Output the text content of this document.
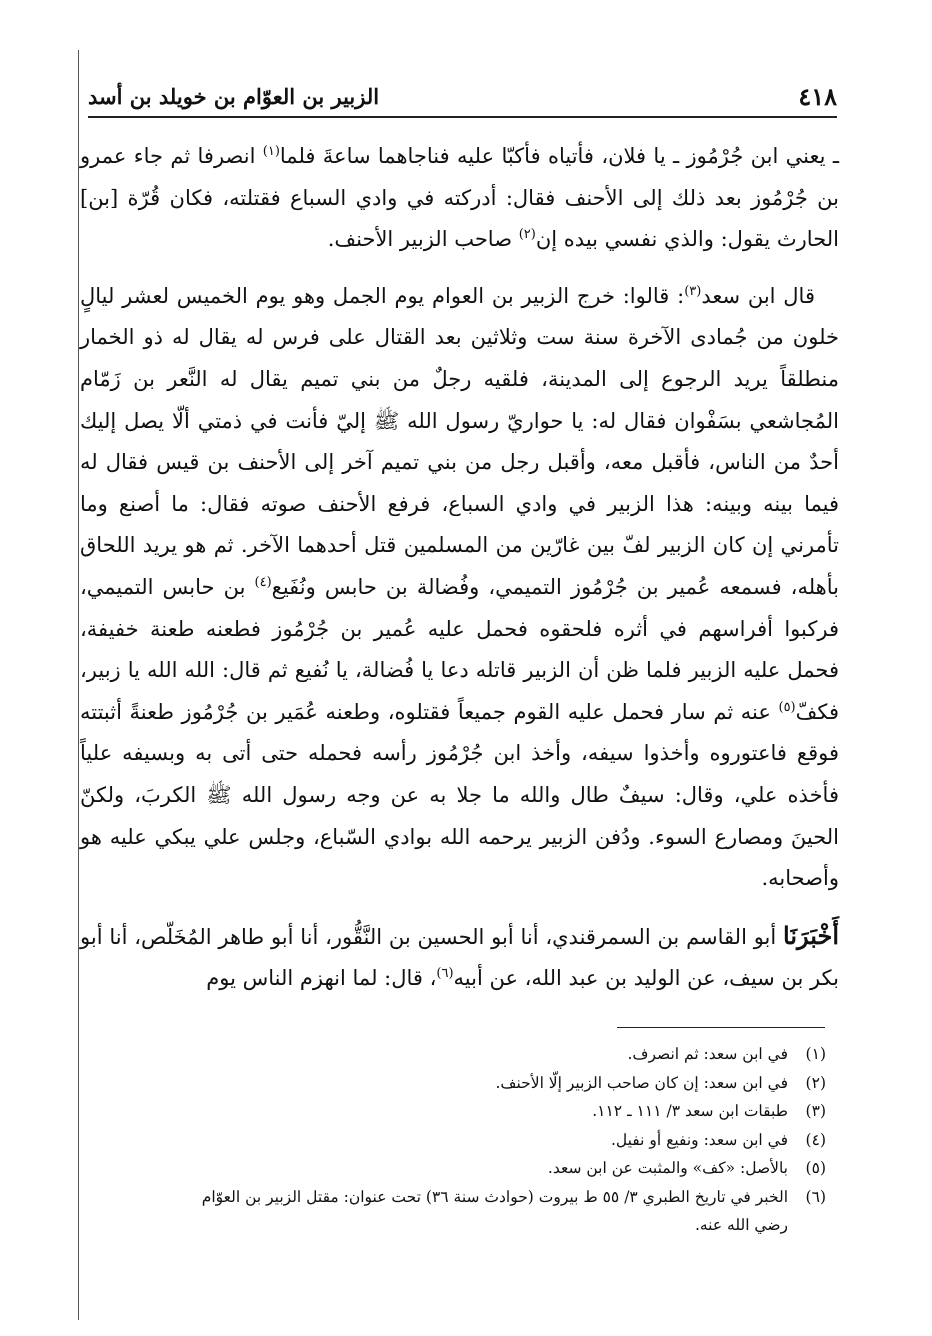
٤١٨
الزبير بن العوّام بن خويلد بن أسد

ـ يعني ابن جُرْمُوز ـ يا فلان، فأتياه فأكبّا عليه فناجاهما ساعةَ فلما$^{(١)}$ انصرفا ثم جاء عمرو بن جُرْمُوز بعد ذلك إلى الأحنف فقال: أدركته في وادي السباع فقتلته، فكان قُرّة [بن] الحارث يقول: والذي نفسي بيده إن$^{(٢)}$ صاحب الزبير الأحنف.

قال ابن سعد$^{(٣)}$: قالوا: خرج الزبير بن العوام يوم الجمل وهو يوم الخميس لعشر ليالٍ خلون من جُمادى الآخرة سنة ست وثلاثين بعد القتال على فرس له يقال له ذو الخمار منطلقاً يريد الرجوع إلى المدينة، فلقيه رجلٌ من بني تميم يقال له النَّعر بن زَمّام المُجاشعي بسَفْوان فقال له: يا حواريّ رسول الله ﷺ إليّ فأنت في ذمتي ألّا يصل إليك أحدٌ من الناس، فأقبل معه، وأقبل رجل من بني تميم آخر إلى الأحنف بن قيس فقال له فيما بينه وبينه: هذا الزبير في وادي السباع، فرفع الأحنف صوته فقال: ما أصنع وما تأمرني إن كان الزبير لفّ بين غارّين من المسلمين قتل أحدهما الآخر. ثم هو يريد اللحاق بأهله، فسمعه عُمير بن جُرْمُوز التميمي، وفُضالة بن حابس ونُفَيع$^{(٤)}$ بن حابس التميمي، فركبوا أفراسهم في أثره فلحقوه فحمل عليه عُمير بن جُرْمُوز فطعنه طعنة خفيفة، فحمل عليه الزبير فلما ظن أن الزبير قاتله دعا يا فُضالة، يا نُفيع ثم قال: الله الله يا زبير، فكفّ$^{(٥)}$ عنه ثم سار فحمل عليه القوم جميعاً فقتلوه، وطعنه عُمَير بن جُرْمُوز طعنةً أثبتته فوقع فاعتوروه وأخذوا سيفه، وأخذ ابن جُرْمُوز رأسه فحمله حتى أتى به وبسيفه علياً فأخذه علي، وقال: سيفٌ طال والله ما جلا به عن وجه رسول الله ﷺ الكربَ، ولكنّ الحينَ ومصارع السوء. ودُفن الزبير يرحمه الله بوادي السّباع، وجلس علي يبكي عليه هو وأصحابه.

أَخْبَرَنَا أبو القاسم بن السمرقندي، أنا أبو الحسين بن النَّقُّور، أنا أبو طاهر المُخَلّص، أنا أبو بكر بن سيف، عن الوليد بن عبد الله، عن أبيه$^{(٦)}$، قال: لما انهزم الناس يوم

(١)
في ابن سعد: ثم انصرف.
(٢)
في ابن سعد: إن كان صاحب الزبير إلّا الأحنف.
(٣)
طبقات ابن سعد ٣/ ١١١ ـ ١١٢.
(٤)
في ابن سعد: ونفيع أو نفيل.
(٥)
بالأصل: «كف» والمثبت عن ابن سعد.
(٦)
الخبر في تاريخ الطبري ٣/ ٥٥ ط بيروت (حوادث سنة ٣٦) تحت عنوان: مقتل الزبير بن العوّام
رضي الله عنه.
